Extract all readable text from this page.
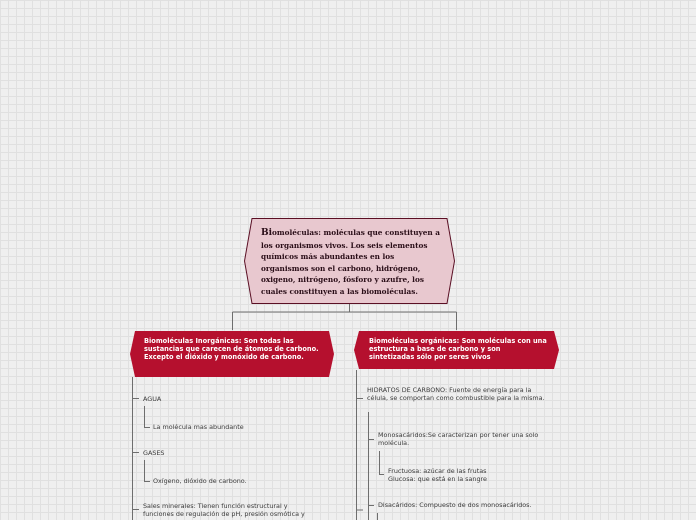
Biomoléculas: moléculas que constituyen a los organismos vivos. Los seis elementos químicos más abundantes en los organismos son el carbono, hidrógeno, oxigeno, nitrógeno, fósforo y azufre, los cuales constituyen a las biomoléculas.
Biomoléculas Inorgánicas: Son todas las sustancias que carecen de átomos de carbono. Excepto el dióxido y monóxido de carbono.
Biomoléculas orgánicas: Son moléculas con una estructura a base de carbono y son sintetizadas sólo por seres vivos
AGUA
La molécula mas abundante
GASES
Oxígeno, dióxido de carbono.
Sales minerales: Tienen función estructural y funciones de regulación de pH, presión osmótica y
HIDRATOS DE CARBONO: Fuente de energía para la célula, se comportan como combustible para la misma.
Monosacáridos:Se caracterizan por tener una solo molécula.
Fructuosa: azúcar de las frutas
Glucosa: que está en la sangre
Disacáridos: Compuesto de dos monosacáridos.
